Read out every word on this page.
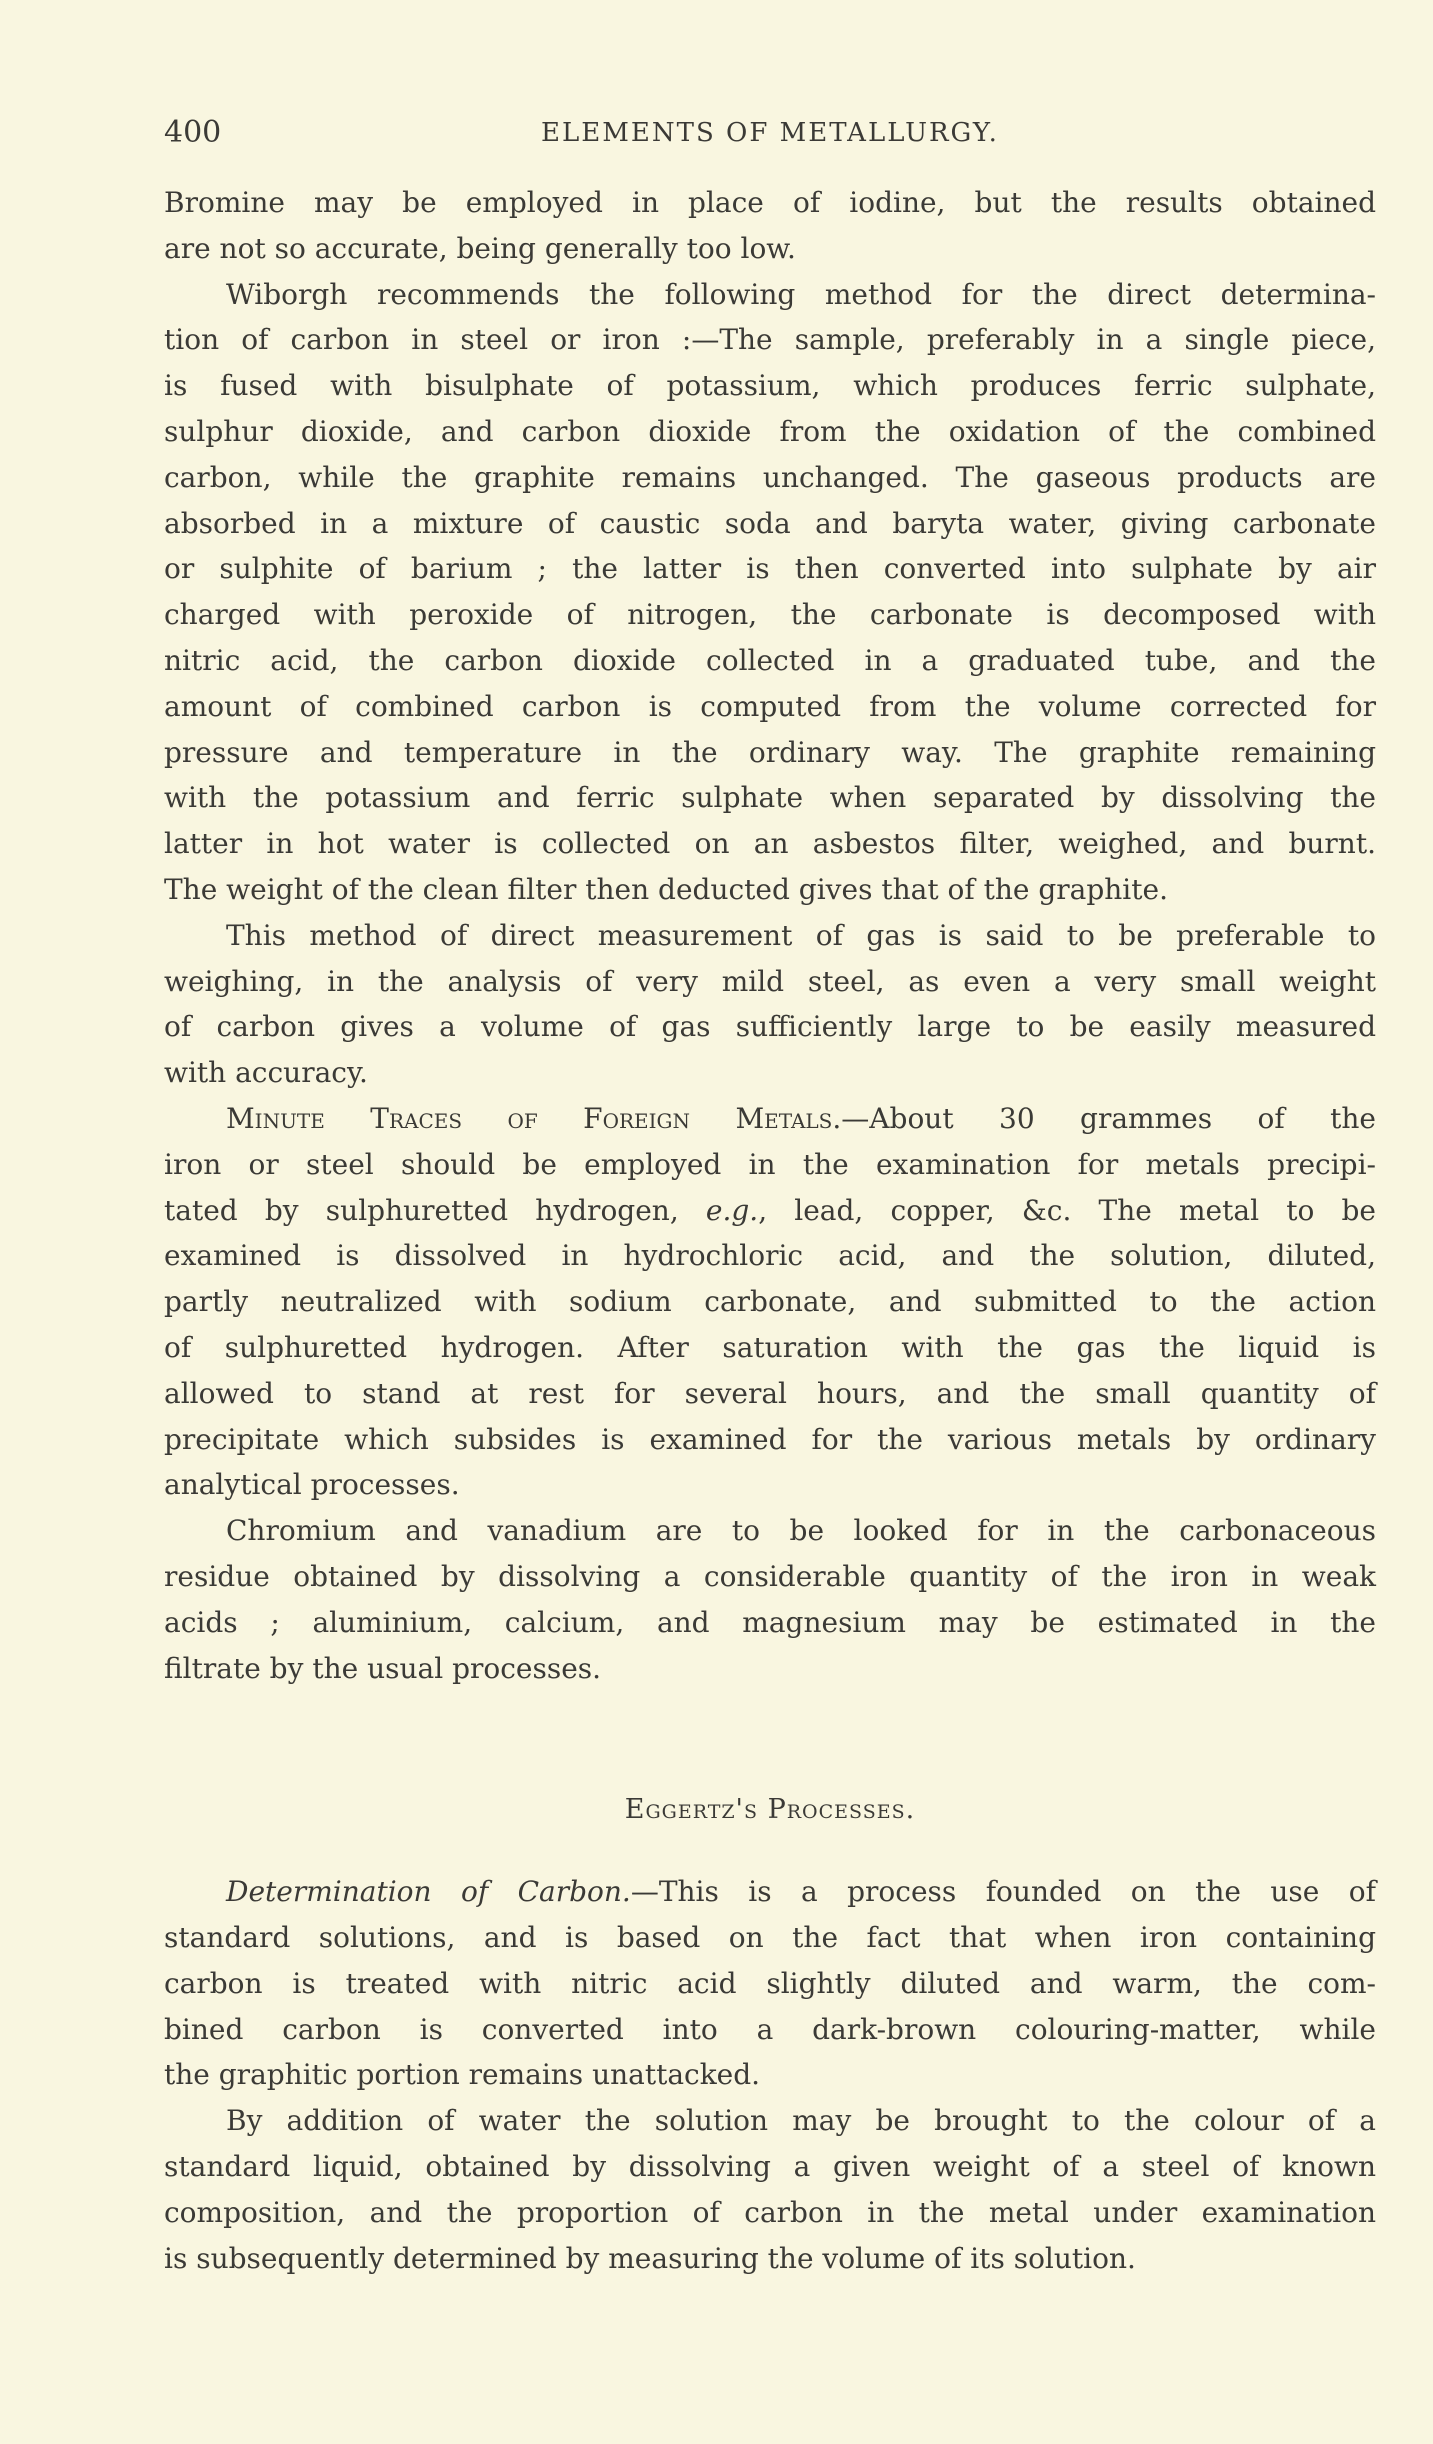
400	ELEMENTS OF METALLURGY.
Bromine may be employed in place of iodine, but the results obtained
are not so accurate, being generally too low.
Wiborgh recommends the following method for the direct determina-
tion of carbon in steel or iron :—The sample, preferably in a single piece,
is fused with bisulphate of potassium, which produces ferric sulphate,
sulphur dioxide, and carbon dioxide from the oxidation of the combined
carbon, while the graphite remains unchanged. The gaseous products are
absorbed in a mixture of caustic soda and baryta water, giving carbonate
or sulphite of barium ; the latter is then converted into sulphate by air
charged with peroxide of nitrogen, the carbonate is decomposed with
nitric acid, the carbon dioxide collected in a graduated tube, and the
amount of combined carbon is computed from the volume corrected for
pressure and temperature in the ordinary way. The graphite remaining
with the potassium and ferric sulphate when separated by dissolving the
latter in hot water is collected on an asbestos filter, weighed, and burnt.
The weight of the clean filter then deducted gives that of the graphite.
This method of direct measurement of gas is said to be preferable to
weighing, in the analysis of very mild steel, as even a very small weight
of carbon gives a volume of gas sufficiently large to be easily measured
with accuracy.
Minute Traces of Foreign Metals.—About 30 grammes of the
iron or steel should be employed in the examination for metals precipi-
tated by sulphuretted hydrogen, e.g., lead, copper, &c. The metal to be
examined is dissolved in hydrochloric acid, and the solution, diluted,
partly neutralized with sodium carbonate, and submitted to the action
of sulphuretted hydrogen. After saturation with the gas the liquid is
allowed to stand at rest for several hours, and the small quantity of
precipitate which subsides is examined for the various metals by ordinary
analytical processes.
Chromium and vanadium are to be looked for in the carbonaceous
residue obtained by dissolving a considerable quantity of the iron in weak
acids ; aluminium, calcium, and magnesium may be estimated in the
filtrate by the usual processes.
Eggertz's Processes.
Determination of Carbon.—This is a process founded on the use of
standard solutions, and is based on the fact that when iron containing
carbon is treated with nitric acid slightly diluted and warm, the com-
bined carbon is converted into a dark-brown colouring-matter, while
the graphitic portion remains unattacked.
By addition of water the solution may be brought to the colour of a
standard liquid, obtained by dissolving a given weight of a steel of known
composition, and the proportion of carbon in the metal under examination
is subsequently determined by measuring the volume of its solution.
